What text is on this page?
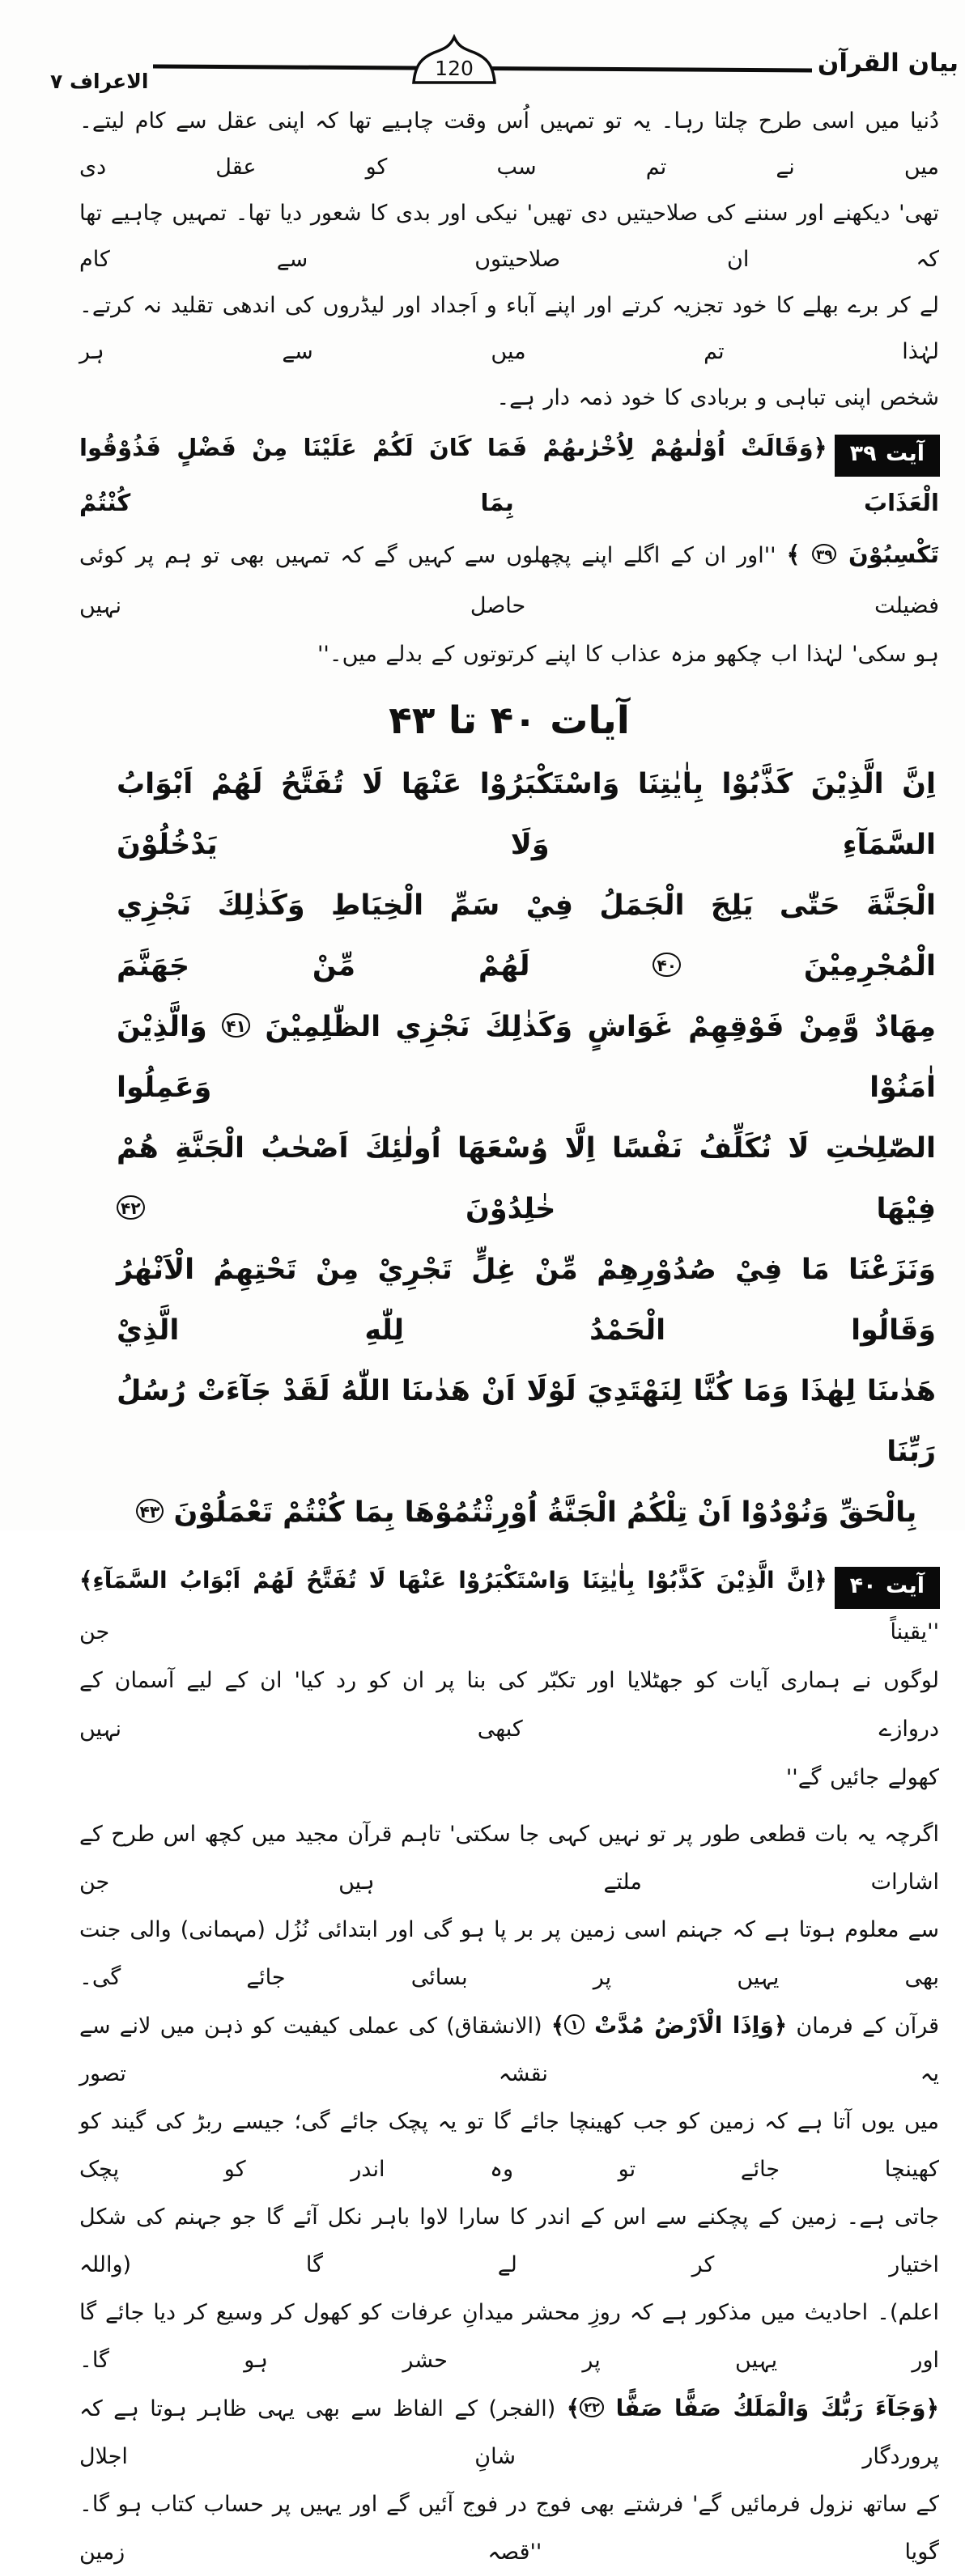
بیان القرآن
120
الاعراف ٧
دُنیا میں اسی طرح چلتا رہا۔ یہ تو تمہیں اُس وقت چاہیے تھا کہ اپنی عقل سے کام لیتے۔ میں نے تم سب کو عقل دی
تھی' دیکھنے اور سننے کی صلاحیتیں دی تھیں' نیکی اور بدی کا شعور دیا تھا۔ تمہیں چاہیے تھا کہ ان صلاحیتوں سے کام
لے کر برے بھلے کا خود تجزیہ کرتے اور اپنے آباء و اَجداد اور لیڈروں کی اندھی تقلید نہ کرتے۔ لہٰذا تم میں سے ہر
شخص اپنی تباہی و بربادی کا خود ذمہ دار ہے۔
آیت ۳۹﴿وَقَالَتْ اُوْلٰىهُمْ لِاُخْرٰىهُمْ فَمَا كَانَ لَكُمْ عَلَيْنَا مِنْ فَضْلٍ فَذُوْقُوا الْعَذَابَ بِمَا كُنْتُمْ
تَكْسِبُوْنَ ۳۹ ﴾ ''اور ان کے اگلے اپنے پچھلوں سے کہیں گے کہ تمہیں بھی تو ہم پر کوئی فضیلت حاصل نہیں
ہو سکی' لہٰذا اب چکھو مزہ عذاب کا اپنے کرتوتوں کے بدلے میں۔''
آیات ۴۰ تا ۴۳
اِنَّ الَّذِيْنَ كَذَّبُوْا بِاٰيٰتِنَا وَاسْتَكْبَرُوْا عَنْهَا لَا تُفَتَّحُ لَهُمْ اَبْوَابُ السَّمَآءِ وَلَا يَدْخُلُوْنَ
الْجَنَّةَ حَتّٰى يَلِجَ الْجَمَلُ فِيْ سَمِّ الْخِيَاطِ وَكَذٰلِكَ نَجْزِي الْمُجْرِمِيْنَ ۴۰ لَهُمْ مِّنْ جَهَنَّمَ
مِهَادٌ وَّمِنْ فَوْقِهِمْ غَوَاشٍ وَكَذٰلِكَ نَجْزِي الظّٰلِمِيْنَ ۴۱ وَالَّذِيْنَ اٰمَنُوْا وَعَمِلُوا
الصّٰلِحٰتِ لَا نُكَلِّفُ نَفْسًا اِلَّا وُسْعَهَا اُولٰئِكَ اَصْحٰبُ الْجَنَّةِ هُمْ فِيْهَا خٰلِدُوْنَ ۴۲
وَنَزَعْنَا مَا فِيْ صُدُوْرِهِمْ مِّنْ غِلٍّ تَجْرِيْ مِنْ تَحْتِهِمُ الْاَنْهٰرُ وَقَالُوا الْحَمْدُ لِلّٰهِ الَّذِيْ
هَدٰىنَا لِهٰذَا وَمَا كُنَّا لِنَهْتَدِيَ لَوْلَا اَنْ هَدٰىنَا اللّٰهُ لَقَدْ جَآءَتْ رُسُلُ رَبِّنَا
بِالْحَقِّ وَنُوْدُوْا اَنْ تِلْكُمُ الْجَنَّةُ اُوْرِثْتُمُوْهَا بِمَا كُنْتُمْ تَعْمَلُوْنَ ۴۳
آیت ۴۰﴿اِنَّ الَّذِيْنَ كَذَّبُوْا بِاٰيٰتِنَا وَاسْتَكْبَرُوْا عَنْهَا لَا تُفَتَّحُ لَهُمْ اَبْوَابُ السَّمَآءِ﴾ ''یقیناً جن
لوگوں نے ہماری آیات کو جھٹلایا اور تکبّر کی بنا پر ان کو رد کیا' ان کے لیے آسمان کے دروازے کبھی نہیں
کھولے جائیں گے''
اگرچہ یہ بات قطعی طور پر تو نہیں کہی جا سکتی' تاہم قرآن مجید میں کچھ اس طرح کے اشارات ملتے ہیں جن
سے معلوم ہوتا ہے کہ جہنم اسی زمین پر بر پا ہو گی اور ابتدائی نُزُل (مہمانی) والی جنت بھی یہیں پر بسائی جائے گی۔
قرآن کے فرمان ﴿وَاِذَا الْاَرْضُ مُدَّتْ ۱﴾ (الانشقاق) کی عملی کیفیت کو ذہن میں لانے سے یہ نقشہ تصور
میں یوں آتا ہے کہ زمین کو جب کھینچا جائے گا تو یہ پچک جائے گی؛ جیسے ربڑ کی گیند کو کھینچا جائے تو وہ اندر کو پچک
جاتی ہے۔ زمین کے پچکنے سے اس کے اندر کا سارا لاوا باہر نکل آئے گا جو جہنم کی شکل اختیار کر لے گا (واللہ
اعلم)۔ احادیث میں مذکور ہے کہ روزِ محشر میدانِ عرفات کو کھول کر وسیع کر دیا جائے گا اور یہیں پر حشر ہو گا۔
﴿وَجَآءَ رَبُّكَ وَالْمَلَكُ صَفًّا صَفًّا ۲۲﴾ (الفجر) کے الفاظ سے بھی یہی ظاہر ہوتا ہے کہ پروردگار شانِ اجلال
کے ساتھ نزول فرمائیں گے' فرشتے بھی فوج در فوج آئیں گے اور یہیں پر حساب کتاب ہو گا۔ گویا ''قصہ زمین
